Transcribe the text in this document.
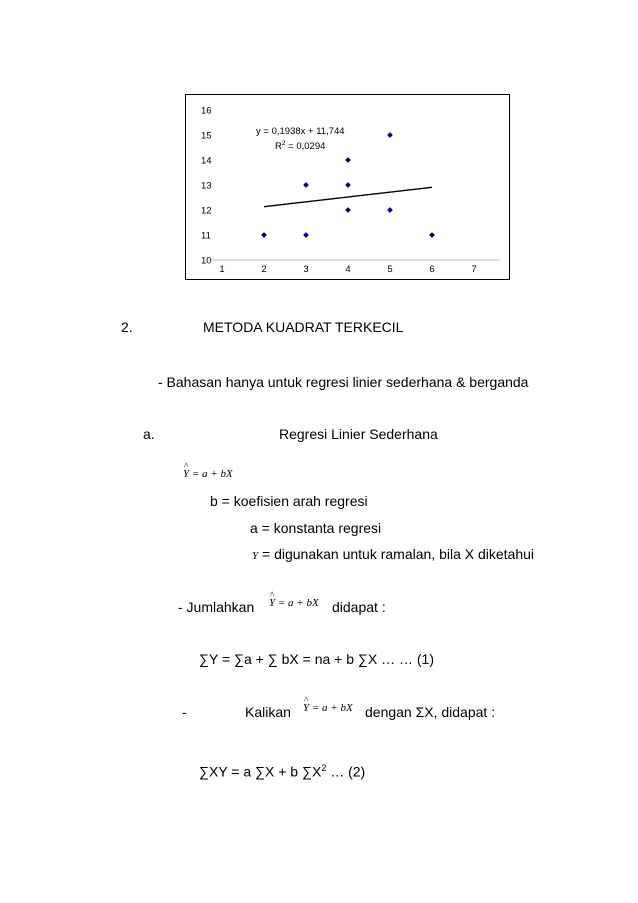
10
11
12
13
14
15
16
1	2	3	4	5	6	7
y = 0,1938x + 11,744
$R^2 = 0,0294$
2.	METODA KUADRAT TERKECIL
- Bahasan hanya untuk regresi linier sederhana & berganda
a.	Regresi Linier Sederhana
^ Y = a + bX
b = koefisien arah regresi
a = konstanta regresi
Y = digunakan untuk ramalan, bila X diketahui
- Jumlahkan ^ Y = a + bX didapat :
∑Y = ∑a + ∑ bX = na + b ∑X … … (1)
-	Kalikan ^ Y = a + bX dengan ΣX, didapat :
∑XY = a ∑X + b $\sum X^2$ … (2)
